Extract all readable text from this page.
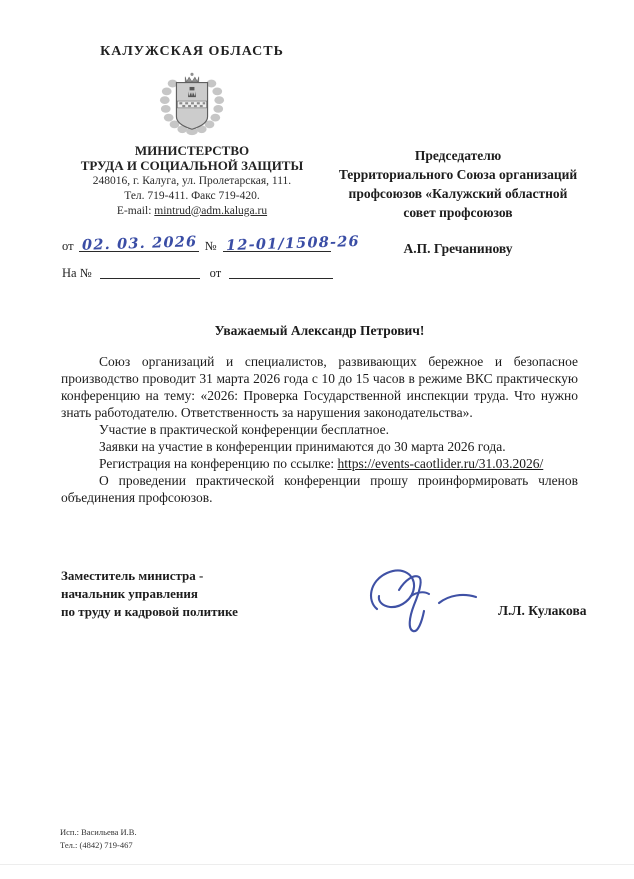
КАЛУЖСКАЯ ОБЛАСТЬ
МИНИСТЕРСТВО
ТРУДА И СОЦИАЛЬНОЙ ЗАЩИТЫ
248016, г. Калуга, ул. Пролетарская, 111.
Тел. 719-411. Факс 719-420.
E-mail: mintrud@adm.kaluga.ru
от 02. 03. 2026 № 12-01/1508-26
На №	от
Председателю
Территориального Союза организаций
профсоюзов «Калужский областной
совет профсоюзов
А.П. Гречанинову
Уважаемый Александр Петрович!

Союз организаций и специалистов, развивающих бережное и безопасное производство проводит 31 марта 2026 года с 10 до 15 часов в режиме ВКС практическую конференцию на тему: «2026: Проверка Государственной инспекции труда. Что нужно знать работодателю. Ответственность за нарушения законодательства».

Участие в практической конференции бесплатное.

Заявки на участие в конференции принимаются до 30 марта 2026 года.

Регистрация на конференцию по ссылке: https://events-caotlider.ru/31.03.2026/

О проведении практической конференции прошу проинформировать членов объединения профсоюзов.

Заместитель министра -
начальник управления
по труду и кадровой политике	Л.Л. Кулакова
Исп.: Васильева И.В.
Тел.: (4842) 719-467
